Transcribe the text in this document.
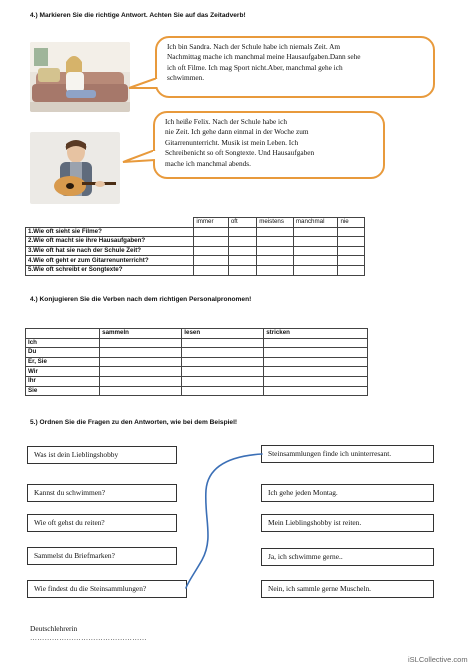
4.) Markieren Sie die richtige Antwort. Achten Sie auf das Zeitadverb!
Ich bin Sandra. Nach der Schule habe ich niemals Zeit. Am
Nachmittag mache ich manchmal meine Hausaufgaben.Dann sehe
ich oft Filme. Ich mag Sport nicht.Aber, manchmal gehe ich
schwimmen.
Ich heiße Felix. Nach der Schule habe ich
nie Zeit. Ich gehe dann einmal in der Woche zum
Gitarrenunterricht. Musik ist mein Leben. Ich
Schreibenicht so oft Songtexte. Und Hausaufgaben
mache ich manchmal abends.
	immer	oft	meistens	manchmal	nie
1.Wie oft sieht sie Filme?					
2.Wie oft macht sie ihre Hausaufgaben?					
3.Wie oft hat sie nach der Schule Zeit?					
4.Wie oft geht er zum Gitarrenunterricht?					
5.Wie oft schreibt er Songtexte?					
4.) Konjugieren Sie die Verben nach dem richtigen Personalpronomen!
	sammeln	lesen	stricken
Ich			
Du			
Er, Sie			
Wir			
Ihr			
Sie			
5.) Ordnen Sie die Fragen zu den Antworten, wie bei dem Beispiel!
Was ist dein Lieblingshobby
Kannst du schwimmen?
Wie oft gehst du reiten?
Sammelst du Briefmarken?
Wie findest du die Steinsammlungen?
Steinsammlungen finde ich uninterresant.
Ich gehe jeden Montag.
Mein Lieblingshobby ist reiten.
Ja, ich schwimme gerne..
Nein, ich sammle gerne Muscheln.
Deutschlehrerin
…………………………………………
iSLCollective.com
